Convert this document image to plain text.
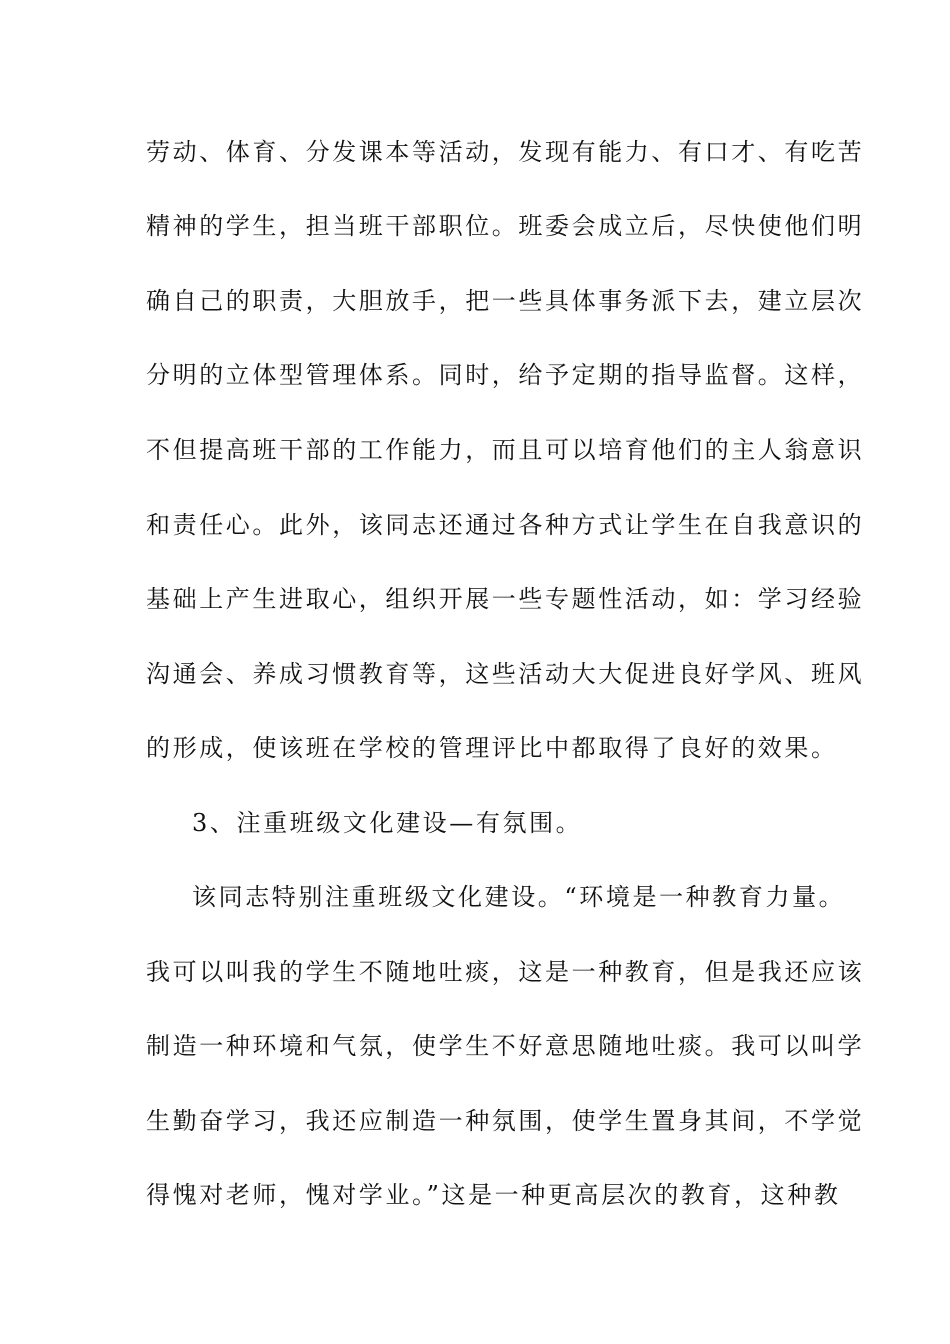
劳动、体育、分发课本等活动，发现有能力、有口才、有吃苦
精神的学生，担当班干部职位。班委会成立后，尽快使他们明
确自己的职责，大胆放手，把一些具体事务派下去，建立层次
分明的立体型管理体系。同时，给予定期的指导监督。这样，
不但提高班干部的工作能力，而且可以培育他们的主人翁意识
和责任心。此外，该同志还通过各种方式让学生在自我意识的
基础上产生进取心，组织开展一些专题性活动，如：学习经验
沟通会、养成习惯教育等，这些活动大大促进良好学风、班风
的形成，使该班在学校的管理评比中都取得了良好的效果。
3、注重班级文化建设—有氛围。
该同志特别注重班级文化建设。“环境是一种教育力量。
我可以叫我的学生不随地吐痰，这是一种教育，但是我还应该
制造一种环境和气氛，使学生不好意思随地吐痰。我可以叫学
生勤奋学习，我还应制造一种氛围，使学生置身其间，不学觉
得愧对老师，愧对学业。”这是一种更高层次的教育，这种教
